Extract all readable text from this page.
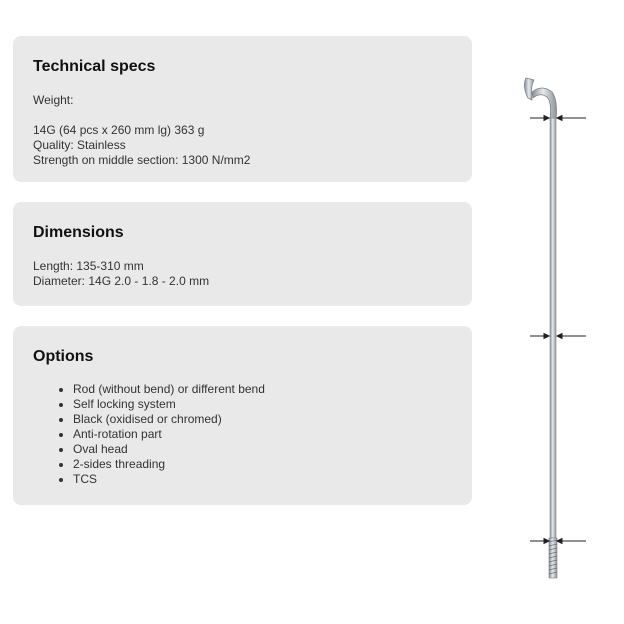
Technical specs
Weight:
14G (64 pcs x 260 mm lg) 363 g
Quality: Stainless
Strength on middle section: 1300 N/mm2
Dimensions
Length: 135-310 mm
Diameter: 14G 2.0 - 1.8 - 2.0 mm
Options
• Rod (without bend) or different bend
• Self locking system
• Black (oxidised or chromed)
• Anti-rotation part
• Oval head
• 2-sides threading
• TCS
